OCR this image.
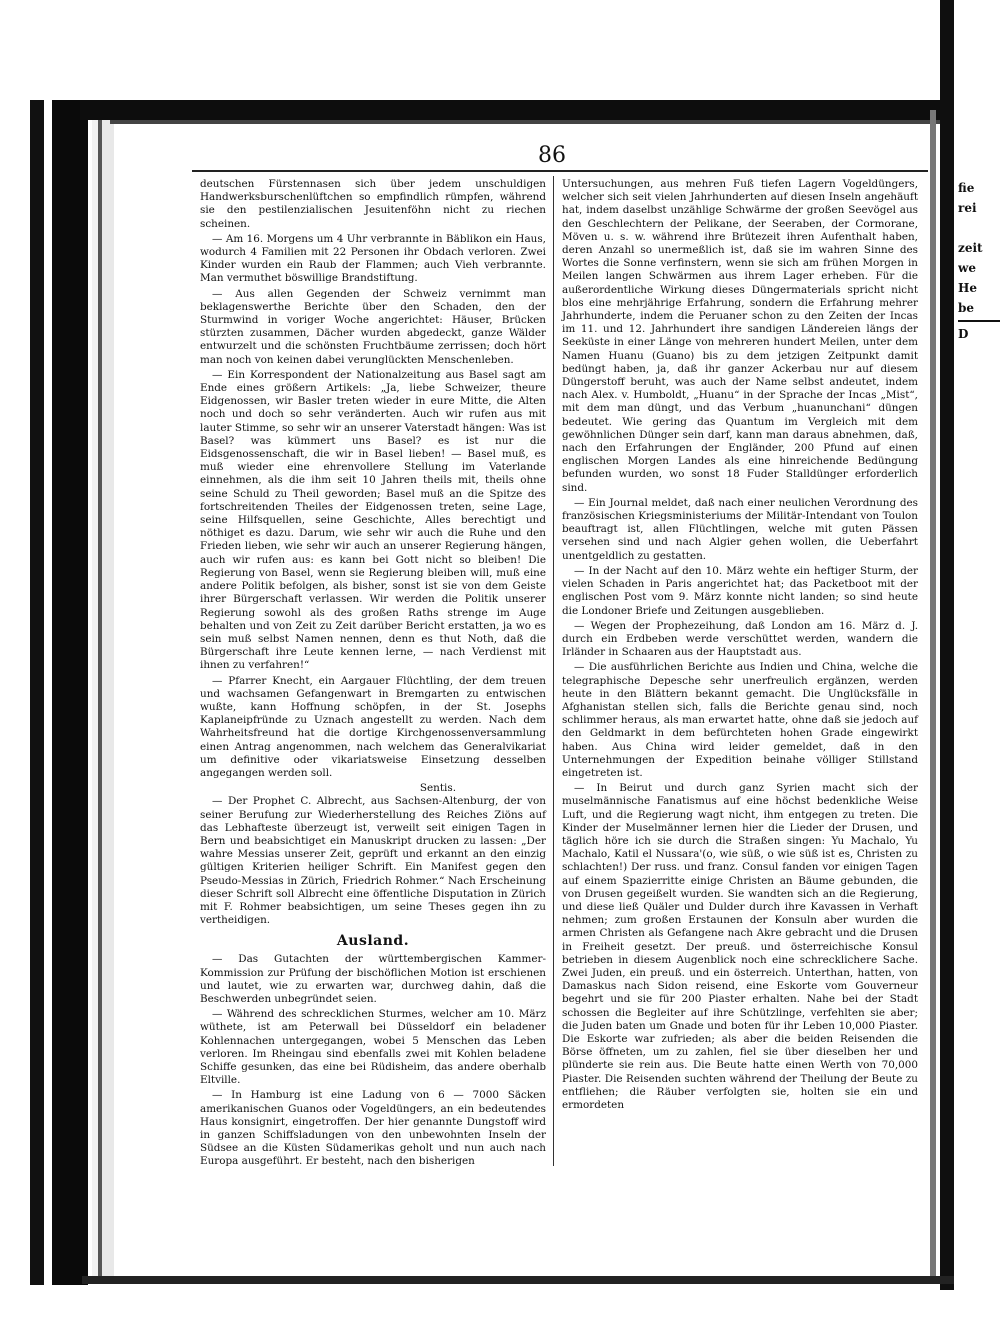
fie
rei
zeit
we
He
be
D
86

deutschen Fürstennasen sich über jedem unschuldigen Handwerksburschenlüftchen so empfindlich rümpfen, während sie den pestilenzialischen Jesuitenföhn nicht zu riechen scheinen.

— Am 16. Morgens um 4 Uhr verbrannte in Bäblikon ein Haus, wodurch 4 Familien mit 22 Personen ihr Obdach verloren. Zwei Kinder wurden ein Raub der Flammen; auch Vieh verbrannte. Man vermuthet böswillige Brandstiftung.

— Aus allen Gegenden der Schweiz vernimmt man beklagenswerthe Berichte über den Schaden, den der Sturmwind in voriger Woche angerichtet: Häuser, Brücken stürzten zusammen, Dächer wurden abgedeckt, ganze Wälder entwurzelt und die schönsten Fruchtbäume zerrissen; doch hört man noch von keinen dabei verunglückten Menschenleben.

— Ein Korrespondent der Nationalzeitung aus Basel sagt am Ende eines größern Artikels: „Ja, liebe Schweizer, theure Eidgenossen, wir Basler treten wieder in eure Mitte, die Alten noch und doch so sehr veränderten. Auch wir rufen aus mit lauter Stimme, so sehr wir an unserer Vaterstadt hängen: Was ist Basel? was kümmert uns Basel? es ist nur die Eidsgenossenschaft, die wir in Basel lieben! — Basel muß, es muß wieder eine ehrenvollere Stellung im Vaterlande einnehmen, als die ihm seit 10 Jahren theils mit, theils ohne seine Schuld zu Theil geworden; Basel muß an die Spitze des fortschreitenden Theiles der Eidgenossen treten, seine Lage, seine Hilfsquellen, seine Geschichte, Alles berechtigt und nöthiget es dazu. Darum, wie sehr wir auch die Ruhe und den Frieden lieben, wie sehr wir auch an unserer Regierung hängen, auch wir rufen aus: es kann bei Gott nicht so bleiben! Die Regierung von Basel, wenn sie Regierung bleiben will, muß eine andere Politik befolgen, als bisher, sonst ist sie von dem Geiste ihrer Bürgerschaft verlassen. Wir werden die Politik unserer Regierung sowohl als des großen Raths strenge im Auge behalten und von Zeit zu Zeit darüber Bericht erstatten, ja wo es sein muß selbst Namen nennen, denn es thut Noth, daß die Bürgerschaft ihre Leute kennen lerne, — nach Verdienst mit ihnen zu verfahren!“

— Pfarrer Knecht, ein Aargauer Flüchtling, der dem treuen und wachsamen Gefangenwart in Bremgarten zu entwischen wußte, kann Hoffnung schöpfen, in der St. Josephs Kaplaneipfründe zu Uznach angestellt zu werden. Nach dem Wahrheitsfreund hat die dortige Kirchgenossenversammlung einen Antrag angenommen, nach welchem das Generalvikariat um definitive oder vikariatsweise Einsetzung desselben angegangen werden soll.

Sentis.

— Der Prophet C. Albrecht, aus Sachsen-Altenburg, der von seiner Berufung zur Wiederherstellung des Reiches Ziöns auf das Lebhafteste überzeugt ist, verweilt seit einigen Tagen in Bern und beabsichtiget ein Manuskript drucken zu lassen: „Der wahre Messias unserer Zeit, geprüft und erkannt an den einzig gültigen Kriterien heiliger Schrift. Ein Manifest gegen den Pseudo-Messias in Zürich, Friedrich Rohmer.“ Nach Erscheinung dieser Schrift soll Albrecht eine öffentliche Disputation in Zürich mit F. Rohmer beabsichtigen, um seine Theses gegen ihn zu vertheidigen.

Ausland.

— Das Gutachten der württembergischen Kammer-Kommission zur Prüfung der bischöflichen Motion ist erschienen und lautet, wie zu erwarten war, durchweg dahin, daß die Beschwerden unbegründet seien.

— Während des schrecklichen Sturmes, welcher am 10. März wüthete, ist am Peterwall bei Düsseldorf ein beladener Kohlennachen untergegangen, wobei 5 Menschen das Leben verloren. Im Rheingau sind ebenfalls zwei mit Kohlen beladene Schiffe gesunken, das eine bei Rüdisheim, das andere oberhalb Eltville.

— In Hamburg ist eine Ladung von 6 — 7000 Säcken amerikanischen Guanos oder Vogeldüngers, an ein bedeutendes Haus konsignirt, eingetroffen. Der hier genannte Dungstoff wird in ganzen Schiffsladungen von den unbewohnten Inseln der Südsee an die Küsten Südamerikas geholt und nun auch nach Europa ausgeführt. Er besteht, nach den bisherigen

Untersuchungen, aus mehren Fuß tiefen Lagern Vogeldüngers, welcher sich seit vielen Jahrhunderten auf diesen Inseln angehäuft hat, indem daselbst unzählige Schwärme der großen Seevögel aus den Geschlechtern der Pelikane, der Seeraben, der Cormorane, Möven u. s. w. während ihre Brütezeit ihren Aufenthalt haben, deren Anzahl so unermeßlich ist, daß sie im wahren Sinne des Wortes die Sonne verfinstern, wenn sie sich am frühen Morgen in Meilen langen Schwärmen aus ihrem Lager erheben. Für die außerordentliche Wirkung dieses Düngermaterials spricht nicht blos eine mehrjährige Erfahrung, sondern die Erfahrung mehrer Jahrhunderte, indem die Peruaner schon zu den Zeiten der Incas im 11. und 12. Jahrhundert ihre sandigen Ländereien längs der Seeküste in einer Länge von mehreren hundert Meilen, unter dem Namen Huanu (Guano) bis zu dem jetzigen Zeitpunkt damit bedüngt haben, ja, daß ihr ganzer Ackerbau nur auf diesem Düngerstoff beruht, was auch der Name selbst andeutet, indem nach Alex. v. Humboldt, „Huanu“ in der Sprache der Incas „Mist“, mit dem man düngt, und das Verbum „huanunchani“ düngen bedeutet. Wie gering das Quantum im Vergleich mit dem gewöhnlichen Dünger sein darf, kann man daraus abnehmen, daß, nach den Erfahrungen der Engländer, 200 Pfund auf einen englischen Morgen Landes als eine hinreichende Bedüngung befunden wurden, wo sonst 18 Fuder Stalldünger erforderlich sind.

— Ein Journal meldet, daß nach einer neulichen Verordnung des französischen Kriegsministeriums der Militär-Intendant von Toulon beauftragt ist, allen Flüchtlingen, welche mit guten Pässen versehen sind und nach Algier gehen wollen, die Ueberfahrt unentgeldlich zu gestatten.

— In der Nacht auf den 10. März wehte ein heftiger Sturm, der vielen Schaden in Paris angerichtet hat; das Packetboot mit der englischen Post vom 9. März konnte nicht landen; so sind heute die Londoner Briefe und Zeitungen ausgeblieben.

— Wegen der Prophezeihung, daß London am 16. März d. J. durch ein Erdbeben werde verschüttet werden, wandern die Irländer in Schaaren aus der Hauptstadt aus.

— Die ausführlichen Berichte aus Indien und China, welche die telegraphische Depesche sehr unerfreulich ergänzen, werden heute in den Blättern bekannt gemacht. Die Unglücksfälle in Afghanistan stellen sich, falls die Berichte genau sind, noch schlimmer heraus, als man erwartet hatte, ohne daß sie jedoch auf den Geldmarkt in dem befürchteten hohen Grade eingewirkt haben. Aus China wird leider gemeldet, daß in den Unternehmungen der Expedition beinahe völliger Stillstand eingetreten ist.

— In Beirut und durch ganz Syrien macht sich der muselmännische Fanatismus auf eine höchst bedenkliche Weise Luft, und die Regierung wagt nicht, ihm entgegen zu treten. Die Kinder der Muselmänner lernen hier die Lieder der Drusen, und täglich höre ich sie durch die Straßen singen: Yu Machalo, Yu Machalo, Katil el Nussara'(o, wie süß, o wie süß ist es, Christen zu schlachten!) Der russ. und franz. Consul fanden vor einigen Tagen auf einem Spazierritte einige Christen an Bäume gebunden, die von Drusen gegeißelt wurden. Sie wandten sich an die Regierung, und diese ließ Quäler und Dulder durch ihre Kavassen in Verhaft nehmen; zum großen Erstaunen der Konsuln aber wurden die armen Christen als Gefangene nach Akre gebracht und die Drusen in Freiheit gesetzt. Der preuß. und österreichische Konsul betrieben in diesem Augenblick noch eine schrecklichere Sache. Zwei Juden, ein preuß. und ein österreich. Unterthan, hatten, von Damaskus nach Sidon reisend, eine Eskorte vom Gouverneur begehrt und sie für 200 Piaster erhalten. Nahe bei der Stadt schossen die Begleiter auf ihre Schützlinge, verfehlten sie aber; die Juden baten um Gnade und boten für ihr Leben 10,000 Piaster. Die Eskorte war zufrieden; als aber die beiden Reisenden die Börse öffneten, um zu zahlen, fiel sie über dieselben her und plünderte sie rein aus. Die Beute hatte einen Werth von 70,000 Piaster. Die Reisenden suchten während der Theilung der Beute zu entfliehen; die Räuber verfolgten sie, holten sie ein und ermordeten
